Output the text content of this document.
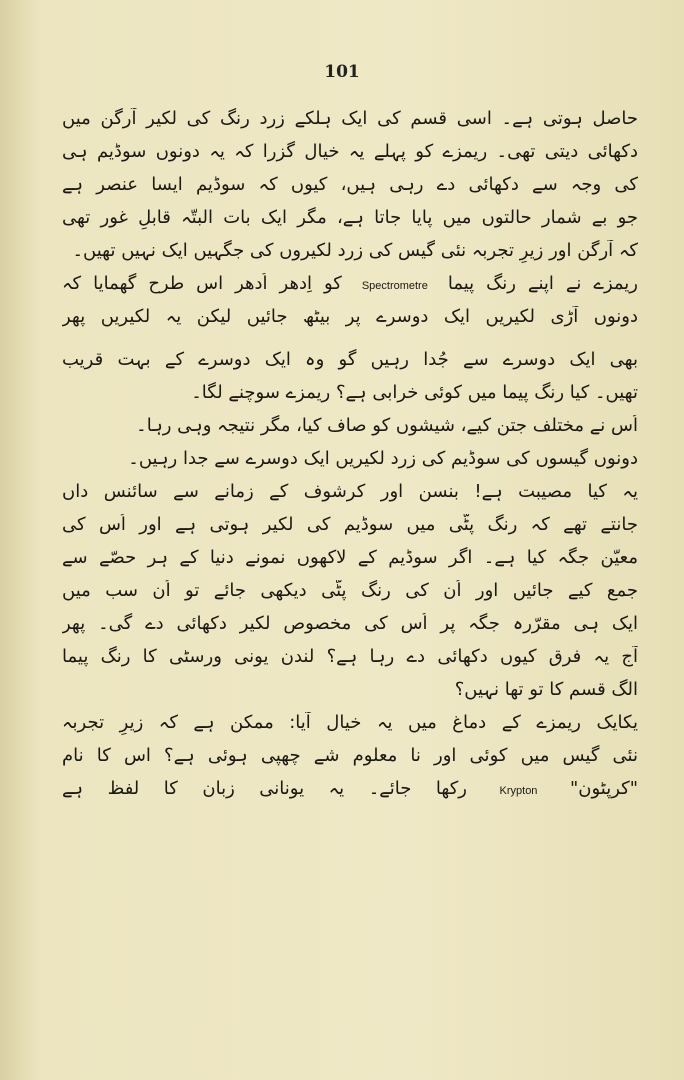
101
حاصل ہوتی ہے۔ اسی قسم کی ایک ہلکے زرد رنگ کی لکیر آرگن میں
دکھائی دیتی تھی۔ ریمزے کو پہلے یہ خیال گزرا کہ یہ دونوں سوڈیم ہی
کی وجہ سے دکھائی دے رہی ہیں، کیوں کہ سوڈیم ایسا عنصر ہے
جو بے شمار حالتوں میں پایا جاتا ہے، مگر ایک بات البتّہ قابلِ غور تھی
کہ آرگن اور زیرِ تجربہ نئی گیس کی زرد لکیروں کی جگہیں ایک نہیں تھیں۔
ریمزے نے اپنے رنگ پیما Spectrometre کو اِدھر اُدھر اس طرح گھمایا کہ
دونوں آڑی لکیریں ایک دوسرے پر بیٹھ جائیں لیکن یہ لکیریں پھر
بھی ایک دوسرے سے جُدا رہیں گو وہ ایک دوسرے کے بہت قریب
تھیں۔ کیا رنگ پیما میں کوئی خرابی ہے؟ ریمزے سوچنے لگا۔
اُس نے مختلف جتن کیے، شیشوں کو صاف کیا، مگر نتیجہ وہی رہا۔
دونوں گیسوں کی سوڈیم کی زرد لکیریں ایک دوسرے سے جدا رہیں۔
یہ کیا مصیبت ہے! بنسن اور کرشوف کے زمانے سے سائنس داں
جانتے تھے کہ رنگ پٹّی میں سوڈیم کی لکیر ہوتی ہے اور اُس کی
معیّن جگہ کیا ہے۔ اگر سوڈیم کے لاکھوں نمونے دنیا کے ہر حصّے سے
جمع کیے جائیں اور اُن کی رنگ پٹّی دیکھی جائے تو اُن سب میں
ایک ہی مقرّرہ جگہ پر اُس کی مخصوص لکیر دکھائی دے گی۔ پھر
آج یہ فرق کیوں دکھائی دے رہا ہے؟ لندن یونی ورسٹی کا رنگ پیما
الگ قسم کا تو تھا نہیں؟
یکایک ریمزے کے دماغ میں یہ خیال آیا: ممکن ہے کہ زیرِ تجربہ
نئی گیس میں کوئی اور نا معلوم شے چھپی ہوئی ہے؟ اس کا نام
"کرپٹون" Krypton رکھا جائے۔ یہ یونانی زبان کا لفظ ہے
